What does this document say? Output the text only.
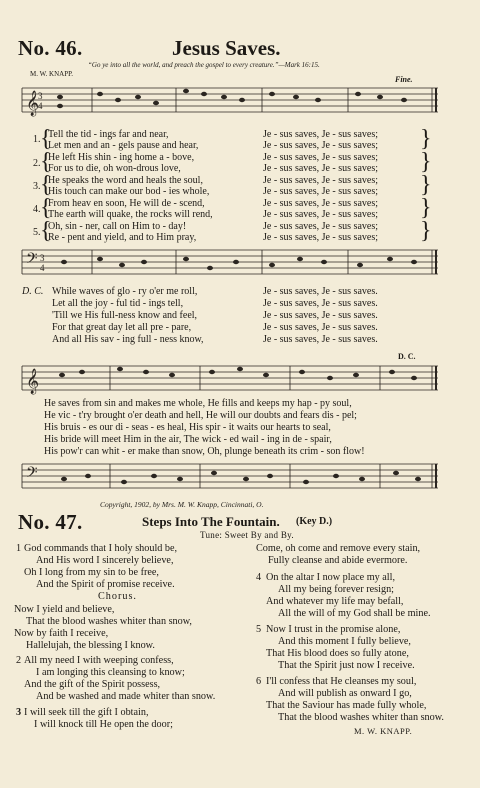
No. 46.	Jesus Saves.
“Go ye into all the world, and preach the gospel to every creature.”—Mark 16:15.
M. W. KNAPP.
Fine.
𝄞
3
4
1. Tell the tid - ings far and near,
Let men and an - gels pause and hear,
Je - sus saves, Je - sus saves;
Je - sus saves, Je - sus saves;
2.
He left His shin - ing home a - bove,
For us to die, oh won-drous love,
Je - sus saves, Je - sus saves;
Je - sus saves, Je - sus saves;
3.
He speaks the word and heals the soul,
His touch can make our bod - ies whole,
Je - sus saves, Je - sus saves;
Je - sus saves, Je - sus saves;
4.
From heav en soon, He will de - scend,
The earth will quake, the rocks will rend,
Je - sus saves, Je - sus saves;
Je - sus saves, Je - sus saves;
5.
Oh, sin - ner, call on Him to - day!
Re - pent and yield, and to Him pray,
Je - sus saves, Je - sus saves;
Je - sus saves, Je - sus saves;
{
{
{
{
{
}
}
}
}
}
𝄢 3
4
D. C. While waves of glo - ry o'er me roll,
Let all the joy - ful tid - ings tell,
'Till we His full-ness know and feel,
For that great day let all pre - pare,
And all His sav - ing full - ness know,
Je - sus saves, Je - sus saves.
Je - sus saves, Je - sus saves.
Je - sus saves, Je - sus saves.
Je - sus saves, Je - sus saves.
Je - sus saves, Je - sus saves.
D. C.
𝄞
He saves from sin and makes me whole, He fills and keeps my hap - py soul,
He vic - t'ry brought o'er death and hell, He will our doubts and fears dis - pel;
His bruis - es our di - seas - es heal, His spir - it waits our hearts to seal,
His bride will meet Him in the air, The wick - ed wail - ing in de - spair,
His pow'r can whit - er make than snow, Oh, plunge beneath its crim - son flow!
𝄢
Copyright, 1902, by Mrs. M. W. Knapp, Cincinnati, O.
No. 47.	Steps Into The Fountain. (Key D.)
Tune: Sweet By and By.
1 God commands that I holy should be,
And His word I sincerely believe,
Oh I long from my sin to be free,
And the Spirit of promise receive.
Chorus.
Now I yield and believe,
That the blood washes whiter than snow,
Now by faith I receive,
Hallelujah, the blessing I know.
2 All my need I with weeping confess,
I am longing this cleansing to know;
And the gift of the Spirit possess,
And be washed and made whiter than snow.
3 I will seek till the gift I obtain,
I will knock till He open the door;
Come, oh come and remove every stain,
Fully cleanse and abide evermore.
4 On the altar I now place my all,
All my being forever resign;
And whatever my life may befall,
All the will of my God shall be mine.
5 Now I trust in the promise alone,
And this moment I fully believe,
That His blood does so fully atone,
That the Spirit just now I receive.
6 I'll confess that He cleanses my soul,
And will publish as onward I go,
That the Saviour has made fully whole,
That the blood washes whiter than snow.
M. W. KNAPP.
